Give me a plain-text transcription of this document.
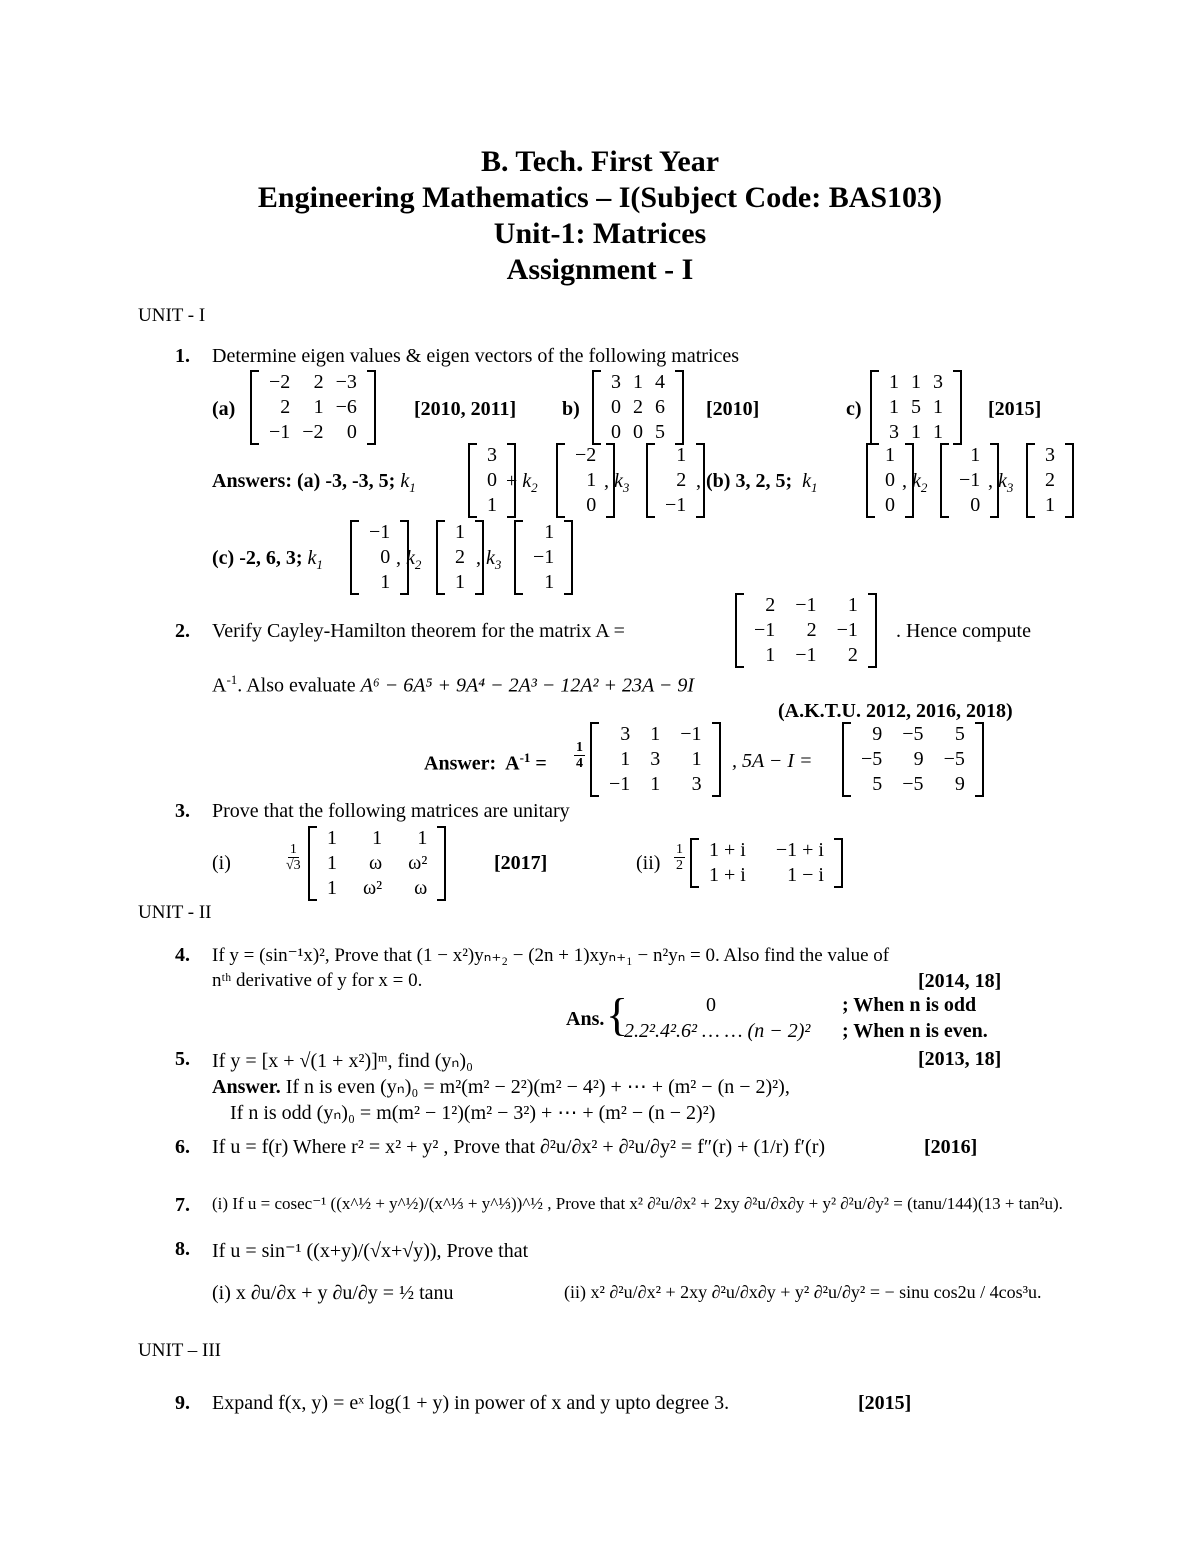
B. Tech. First Year
Engineering Mathematics – I(Subject Code: BAS103)
Unit-1: Matrices
Assignment - I
UNIT - I
1. Determine eigen values & eigen vectors of the following matrices
(a)
−2	2 −3
2	1 −6
−1 −2	0
[2010, 2011] b)
3 1 4
0 2 6
0 0 5
[2010]	c)
1 1 3
1 5 1
3 1 1
[2015]
Answers: (a) -3, -3, 5; $k_1$
3
0
1
+ $k_2$
−2
1
0
, $k_3$
1
2
−1
, (b) 3, 2, 5; $k_1$
1
0
0
, $k_2$
1
−1
0
, $k_3$
3
2
1
(c) -2, 6, 3; $k_1$
−1
0
1
, $k_2$
1
2
1
, $k_3$
1
−1
1
2. Verify Cayley-Hamilton theorem for the matrix A =
2	−1	1
−1	2	−1
1	−1	2
. Hence compute
$A^{-1}$. Also evaluate A⁶ − 6A⁵ + 9A⁴ − 2A³ − 12A² + 23A − 9I
(A.K.T.U. 2012, 2016, 2018)
Answer: $A^{-1} = \frac{1}{4}$
3	1	−1
1	3	1
−1	1	3
, 5A − I =
9	−5	5
−5	9	−5
5	−5	9
3. Prove that the following matrices are unitary
(i)	$\frac{1}{√3}$
1	1	1
1	ω	ω²
1	ω²	ω
[2017]	$(ii) \frac{1}{2}$	1 + i	−1 + i
1 + i	1 − i
UNIT - II
4. If y = (sin⁻¹x)², Prove that (1 − x²)yₙ₊₂ − (2n + 1)xyₙ₊₁ − n²yₙ = 0. Also find the value of
nᵗʰ derivative of y for x = 0.	[2014, 18]
Ans. {	0	; When n is odd
2.2².4².6² … … (n − 2)² ; When n is even.
5. If y = [x + √(1 + x²)]ᵐ, find (yₙ)₀	[2013, 18]
Answer. If n is even (yₙ)₀ = m²(m² − 2²)(m² − 4²) + ⋯ + (m² − (n − 2)²),
If n is odd (yₙ)₀ = m(m² − 1²)(m² − 3²) + ⋯ + (m² − (n − 2)²)
6. If u = f(r) Where r² = x² + y² , Prove that ∂²u/∂x² + ∂²u/∂y² = f″(r) + (1/r) f′(r)	[2016]
7. (i) If u = cosec⁻¹ ((x^½ + y^½)/(x^⅓ + y^⅓))^½ , Prove that x² ∂²u/∂x² + 2xy ∂²u/∂x∂y + y² ∂²u/∂y² = (tanu/144)(13 + tan²u).
8. If u = sin⁻¹ ((x+y)/(√x+√y)), Prove that
(i) x ∂u/∂x + y ∂u/∂y = ½ tanu	(ii) x² ∂²u/∂x² + 2xy ∂²u/∂x∂y + y² ∂²u/∂y² = − sinu cos2u / 4cos³u.
UNIT – III
9. Expand f(x, y) = eˣ log(1 + y) in power of x and y upto degree 3.	[2015]
